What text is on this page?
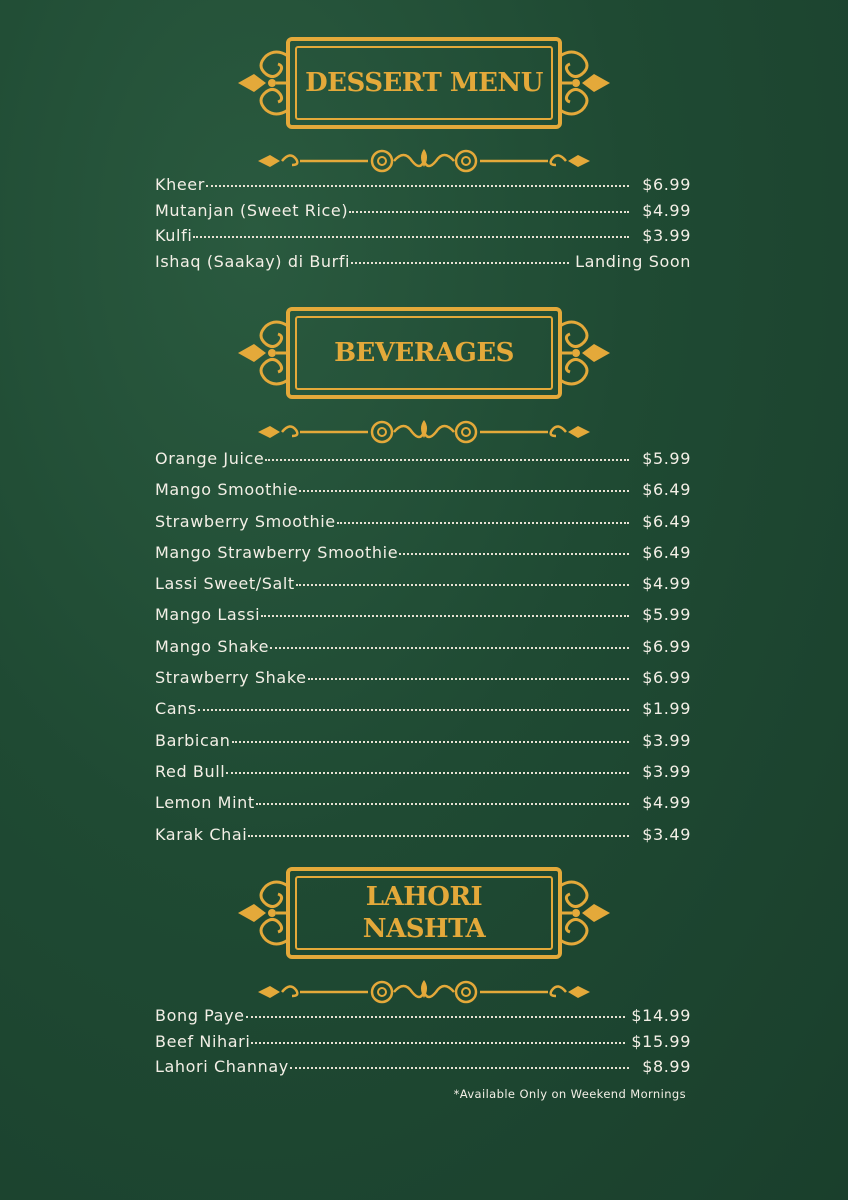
DESSERT MENU
Kheer	$6.99
Mutanjan (Sweet Rice)	$4.99
Kulfi	$3.99
Ishaq (Saakay) di Burfi	Landing Soon
BEVERAGES
Orange Juice	$5.99
Mango Smoothie	$6.49
Strawberry Smoothie	$6.49
Mango Strawberry Smoothie	$6.49
Lassi Sweet/Salt	$4.99
Mango Lassi	$5.99
Mango Shake	$6.99
Strawberry Shake	$6.99
Cans	$1.99
Barbican	$3.99
Red Bull	$3.99
Lemon Mint	$4.99
Karak Chai	$3.49
LAHORI
NASHTA
Bong Paye	$14.99
Beef Nihari	$15.99
Lahori Channay	$8.99
*Available Only on Weekend Mornings
